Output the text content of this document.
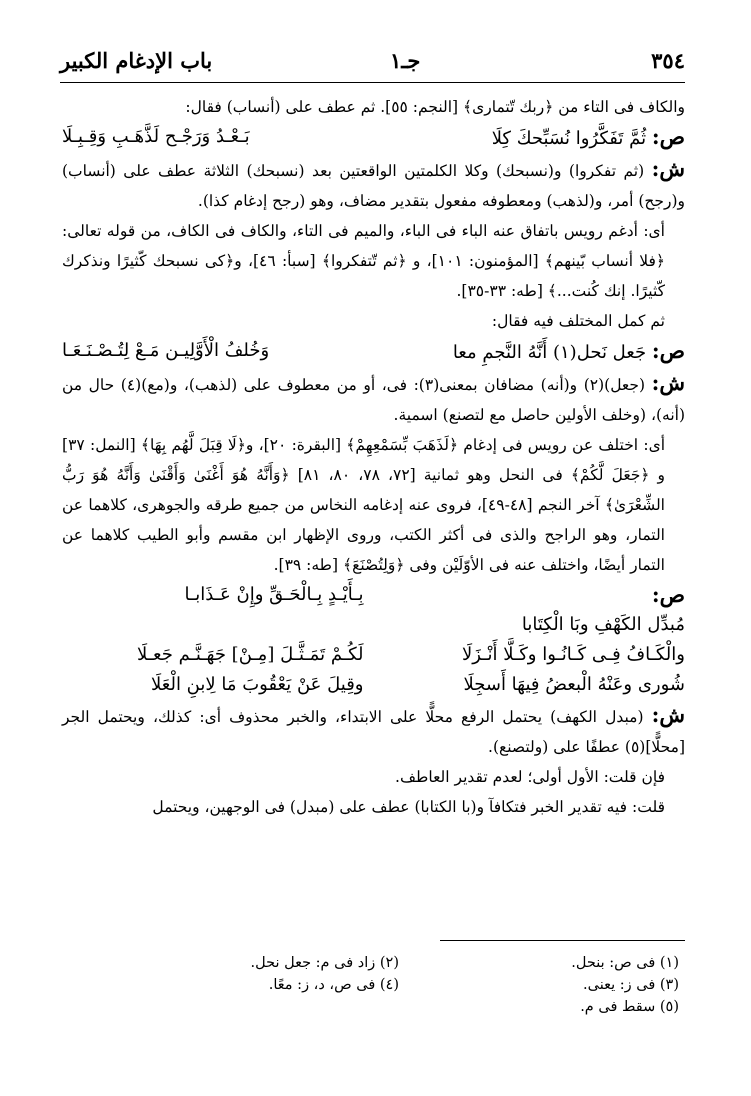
٣٥٤
جـ١
باب الإدغام الكبير

والكاف فى التاء من ﴿ربك تّتمارى﴾ [النجم: ٥٥]. ثم عطف على (أنساب) فقال:

ص: ثُمَّ تَفَكَّرُوا نُسَبِّحكَ كِلَا
بَـعْـدُ وَرَجْـح لَذَّهَـبِ وَقِـبِـلَا

ش: (ثم تفكروا) و(نسبحك) وكلا الكلمتين الواقعتين بعد (نسبحك) الثلاثة عطف على (أنساب) و(رجح) أمر، و(لذهب) ومعطوفه مفعول بتقدير مضاف، وهو (رجح إدغام كذا).

أى: أدغم رويس باتفاق عنه الباء فى الباء، والميم فى التاء، والكاف فى الكاف، من قوله تعالى: ﴿فلا أنساب بّينهم﴾ [المؤمنون: ١٠١]، و ﴿ثم تّتفكروا﴾ [سبأ: ٤٦]، و﴿كى نسبحك كّثيرًا ونذكرك كّثيرًا. إنك كُنت...﴾ [طه: ٣٣-٣٥].

ثم كمل المختلف فيه فقال:

ص: جَعل نَحل(١) أَنَّهُ النَّجمِ معا
وَخُلفُ الْأَوَّلِيـن مَـعْ لِتُـصْـنَـعَـا

ش: (جعل)(٢) و(أنه) مضافان بمعنى(٣): فى، أو من معطوف على (لذهب)، و(مع)(٤) حال من (أنه)، (وخلف الأولين حاصل مع لتصنع) اسمية.

أى: اختلف عن رويس فى إدغام ﴿لَذَهَبَ بِّسَمْعِهِمْ﴾ [البقرة: ٢٠]، و﴿لَا قِبَلَ لَّهُم بِهَا﴾ [النمل: ٣٧] و ﴿جَعَلَ لَّكُمْ﴾ فى النحل وهو ثمانية [٧٢، ٧٨، ٨٠، ٨١] ﴿وَأَنَّهُ هُوَ أَغْنَىٰ وَأَقْنَىٰ وَأَنَّهُ هُوَ رَبُّ الشِّعْرَىٰ﴾ آخر النجم [٤٨-٤٩]، فروى عنه إدغامه النخاس من جميع طرقه والجوهرى، كلاهما عن التمار، وهو الراجح والذى فى أكثر الكتب، وروى الإظهار ابن مقسم وأبو الطيب كلاهما عن التمار أيضًا، واختلف عنه فى الأوّلَيْن وفى ﴿وَلِتُصْنَعَ﴾ [طه: ٣٩].

ص:
مُبدِّل الكَهْفِ وبَا الْكِتَابا
بِـأَيْـدٍ بِـالْحَـقِّ وإِنْ عَـذَابـا
والْكَـافُ فِـى كَـانُـوا وكَـلَّا أَنْـزَلَا
لَكُـمْ تَمَـثَّـلَ [مِـنْ] جَهَـنَّـم جَعـلَا
شُورى وعَنْهُ الْبعضُ فِيهَا أَسجِلَا
وقِيلَ عَنْ يَعْقُوبَ مَا لِابنِ الْعَلَا

ش: (مبدل الكهف) يحتمل الرفع محلًّا على الابتداء، والخبر محذوف أى: كذلك، ويحتمل الجر [محلًّا](٥) عطفًا على (ولتصنع).

فإن قلت: الأول أولى؛ لعدم تقدير العاطف.

قلت: فيه تقدير الخبر فتكافآ و(با الكتابا) عطف على (مبدل) فى الوجهين، ويحتمل

(١) فى ص: بنحل.
(٢) زاد فى م: جعل نحل.
(٣) فى ز: يعنى.
(٤) فى ص، د، ز: معًا.
(٥) سقط فى م.
